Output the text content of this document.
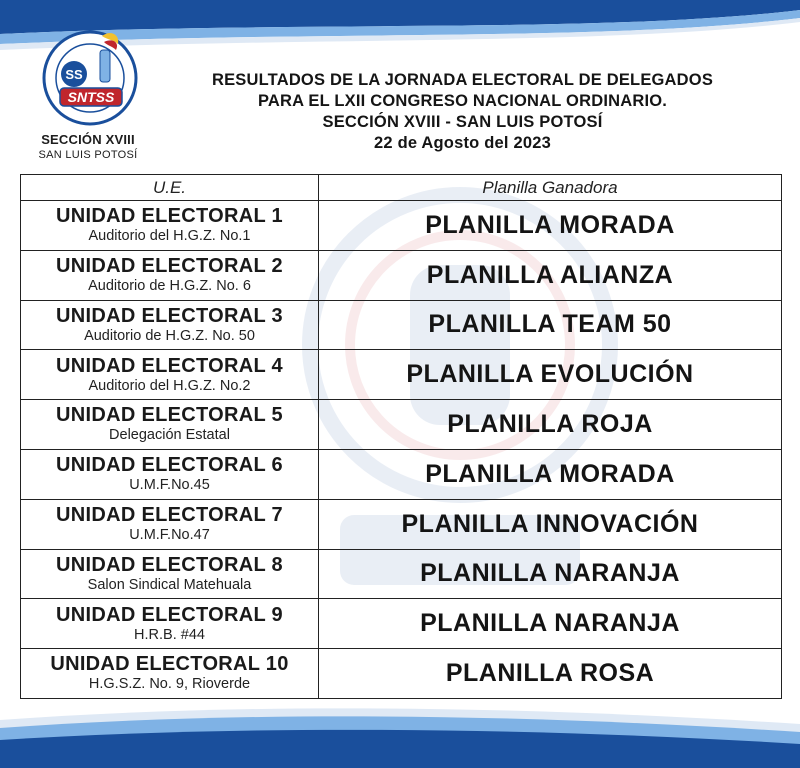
SS
SNTSS
SECCIÓN XVIII
SAN LUIS POTOSÍ
RESULTADOS DE LA JORNADA ELECTORAL DE DELEGADOS
PARA EL LXII CONGRESO NACIONAL ORDINARIO.
SECCIÓN XVIII - SAN LUIS POTOSÍ
22 de Agosto del 2023
U.E.	Planilla Ganadora

UNIDAD ELECTORAL 1
Auditorio del H.G.Z. No.1	PLANILLA MORADA

UNIDAD ELECTORAL 2
Auditorio de H.G.Z. No. 6	PLANILLA ALIANZA

UNIDAD ELECTORAL 3
Auditorio de H.G.Z. No. 50	PLANILLA TEAM 50

UNIDAD ELECTORAL 4
Auditorio del H.G.Z. No.2	PLANILLA EVOLUCIÓN

UNIDAD ELECTORAL 5
Delegación Estatal	PLANILLA ROJA

UNIDAD ELECTORAL 6
U.M.F.No.45	PLANILLA MORADA

UNIDAD ELECTORAL 7
U.M.F.No.47	PLANILLA INNOVACIÓN

UNIDAD ELECTORAL 8
Salon Sindical Matehuala	PLANILLA NARANJA

UNIDAD ELECTORAL 9
H.R.B. #44	PLANILLA NARANJA

UNIDAD ELECTORAL 10
H.G.S.Z. No. 9, Rioverde	PLANILLA ROSA
